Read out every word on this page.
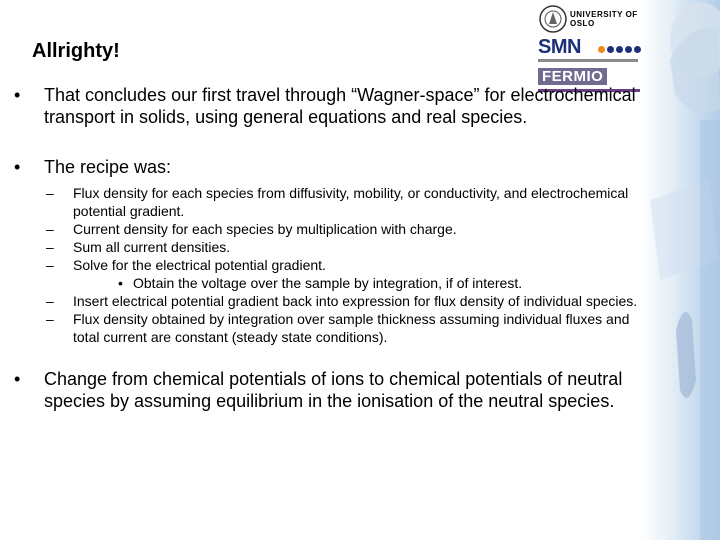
UNIVERSITY OF OSLO
SMN
FERMIO
Allrighty!
• That concludes our first travel through “Wagner-space” for electrochemical transport in solids, using general equations and real species.
• The recipe was:
– Flux density for each species from diffusivity, mobility, or conductivity, and electrochemical potential gradient.
– Current density for each species by multiplication with charge.
– Sum all current densities.
– Solve for the electrical potential gradient.
• Obtain the voltage over the sample by integration, if of interest.
– Insert electrical potential gradient back into expression for flux density of individual species.
– Flux density obtained by integration over sample thickness assuming individual fluxes and total current are constant (steady state conditions).
• Change from chemical potentials of ions to chemical potentials of neutral species by assuming equilibrium in the ionisation of the neutral species.
